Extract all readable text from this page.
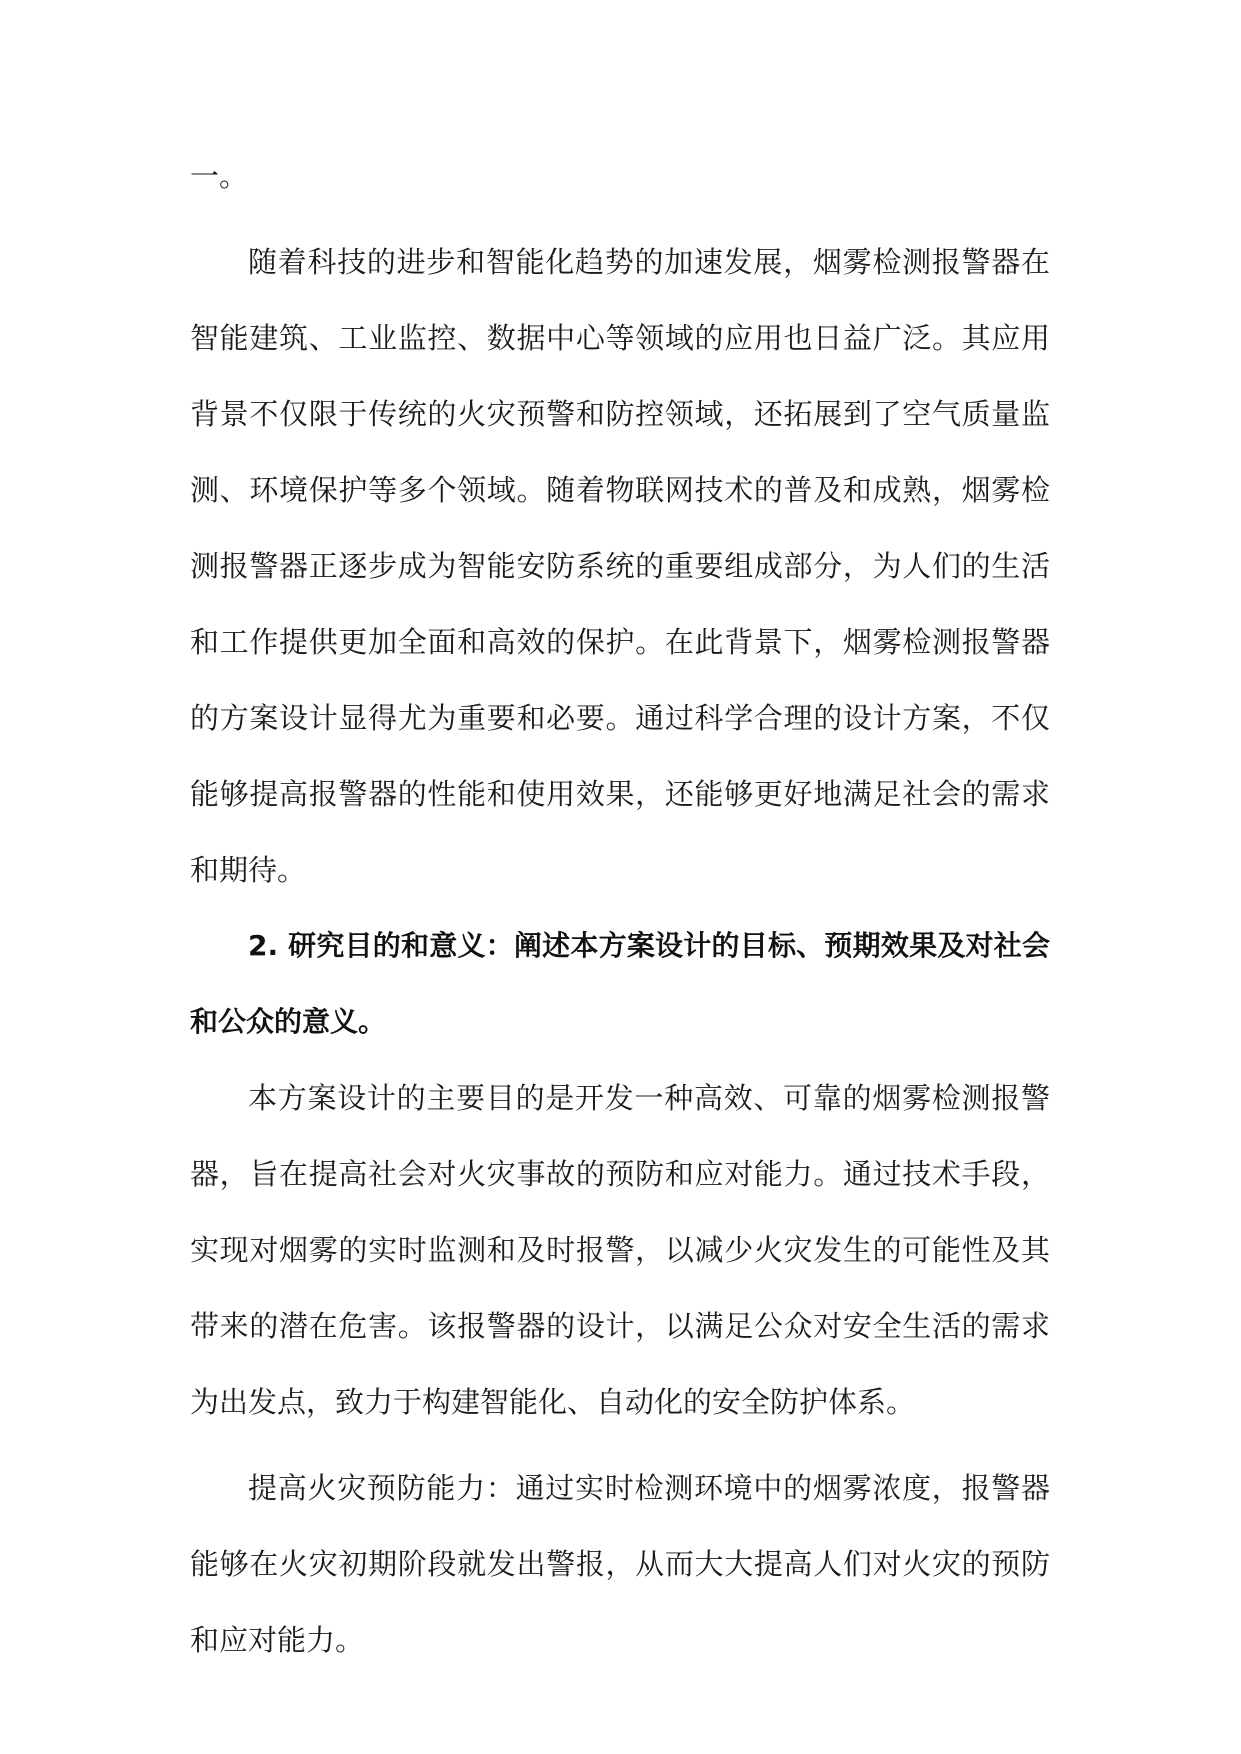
一。

随着科技的进步和智能化趋势的加速发展，烟雾检测报警器在智能建筑、工业监控、数据中心等领域的应用也日益广泛。其应用背景不仅限于传统的火灾预警和防控领域，还拓展到了空气质量监测、环境保护等多个领域。随着物联网技术的普及和成熟，烟雾检测报警器正逐步成为智能安防系统的重要组成部分，为人们的生活和工作提供更加全面和高效的保护。在此背景下，烟雾检测报警器的方案设计显得尤为重要和必要。通过科学合理的设计方案，不仅能够提高报警器的性能和使用效果，还能够更好地满足社会的需求和期待。

2. 研究目的和意义：阐述本方案设计的目标、预期效果及对社会和公众的意义。

本方案设计的主要目的是开发一种高效、可靠的烟雾检测报警器，旨在提高社会对火灾事故的预防和应对能力。通过技术手段，实现对烟雾的实时监测和及时报警，以减少火灾发生的可能性及其带来的潜在危害。该报警器的设计，以满足公众对安全生活的需求为出发点，致力于构建智能化、自动化的安全防护体系。

提高火灾预防能力：通过实时检测环境中的烟雾浓度，报警器能够在火灾初期阶段就发出警报，从而大大提高人们对火灾的预防和应对能力。
